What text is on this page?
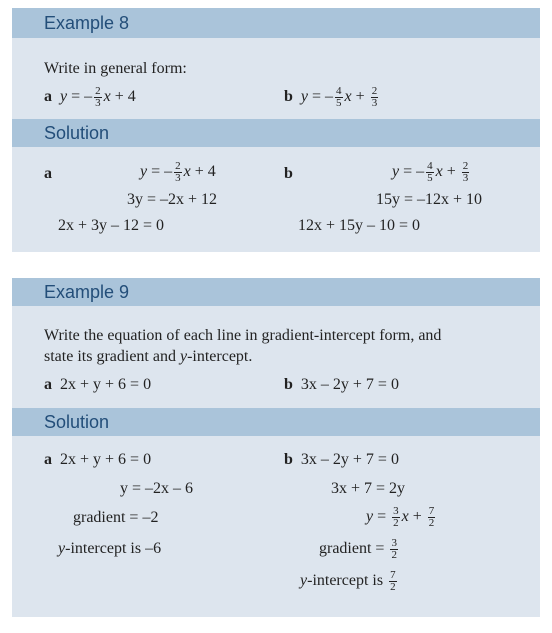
Example 8
Write in general form:
a y = – $\frac{2}{3}$ x + 4	b y = – $\frac{4}{5}$ $x + \frac{2}{3}$
Solution
a	y = – $\frac{2}{3}$ x + 4
3y = –2x + 12
2x + 3y – 12 = 0
b	y = – $\frac{4}{5}$ $x + \frac{2}{3}$
15y = –12x + 10
12x + 15y – 10 = 0
Example 9
Write the equation of each line in gradient-intercept form, and
state its gradient and y-intercept.
a 2x + y + 6 = 0	b 3x – 2y + 7 = 0
Solution
a 2x + y + 6 = 0
y = –2x – 6
gradient = –2
y-intercept is –6
b 3x – 2y + 7 = 0
3x + 7 = 2y
$y = \frac{3}{2}$ $x + \frac{7}{2}$
gradient = $\frac{3}{2}$
y-intercept is $\frac{7}{2}$
